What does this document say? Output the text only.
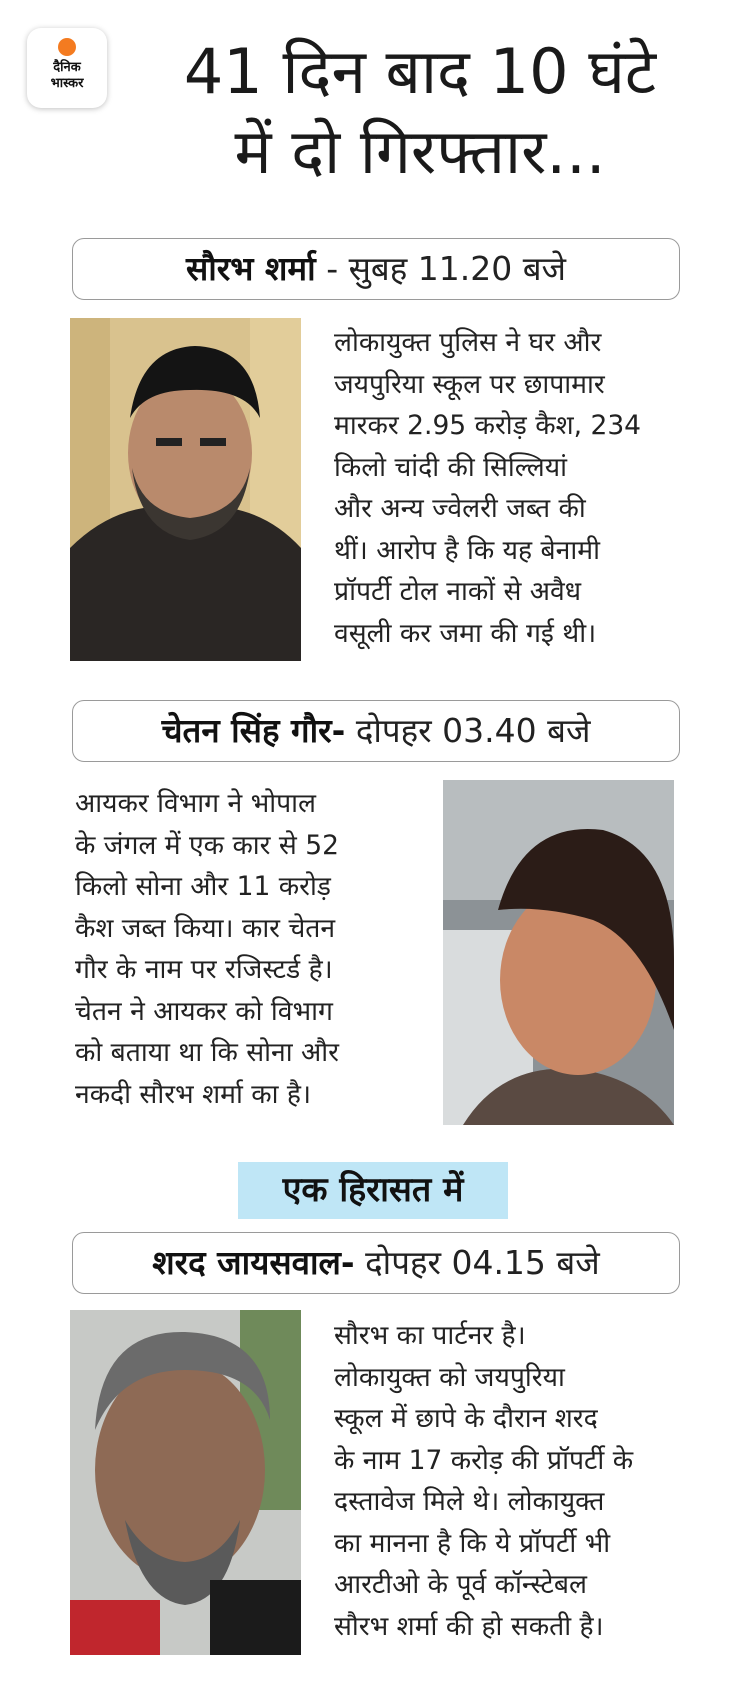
दैनिक
भास्कर	41 दिन बाद 10 घंटे
में दो गिरफ्तार...
सौरभ शर्मा - सुबह 11.20 बजे
लोकायुक्त पुलिस ने घर और
जयपुरिया स्कूल पर छापामार
मारकर 2.95 करोड़ कैश, 234
किलो चांदी की सिल्लियां
और अन्य ज्वेलरी जब्त की
थीं। आरोप है कि यह बेनामी
प्रॉपर्टी टोल नाकों से अवैध
वसूली कर जमा की गई थी।
चेतन सिंह गौर- दोपहर 03.40 बजे
आयकर विभाग ने भोपाल
के जंगल में एक कार से 52
किलो सोना और 11 करोड़
कैश जब्त किया। कार चेतन
गौर के नाम पर रजिस्टर्ड है।
चेतन ने आयकर को विभाग
को बताया था कि सोना और
नकदी सौरभ शर्मा का है।
एक हिरासत में
शरद जायसवाल- दोपहर 04.15 बजे
सौरभ का पार्टनर है।
लोकायुक्त को जयपुरिया
स्कूल में छापे के दौरान शरद
के नाम 17 करोड़ की प्रॉपर्टी के
दस्तावेज मिले थे। लोकायुक्त
का मानना है कि ये प्रॉपर्टी भी
आरटीओ के पूर्व कॉन्स्टेबल
सौरभ शर्मा की हो सकती है।
